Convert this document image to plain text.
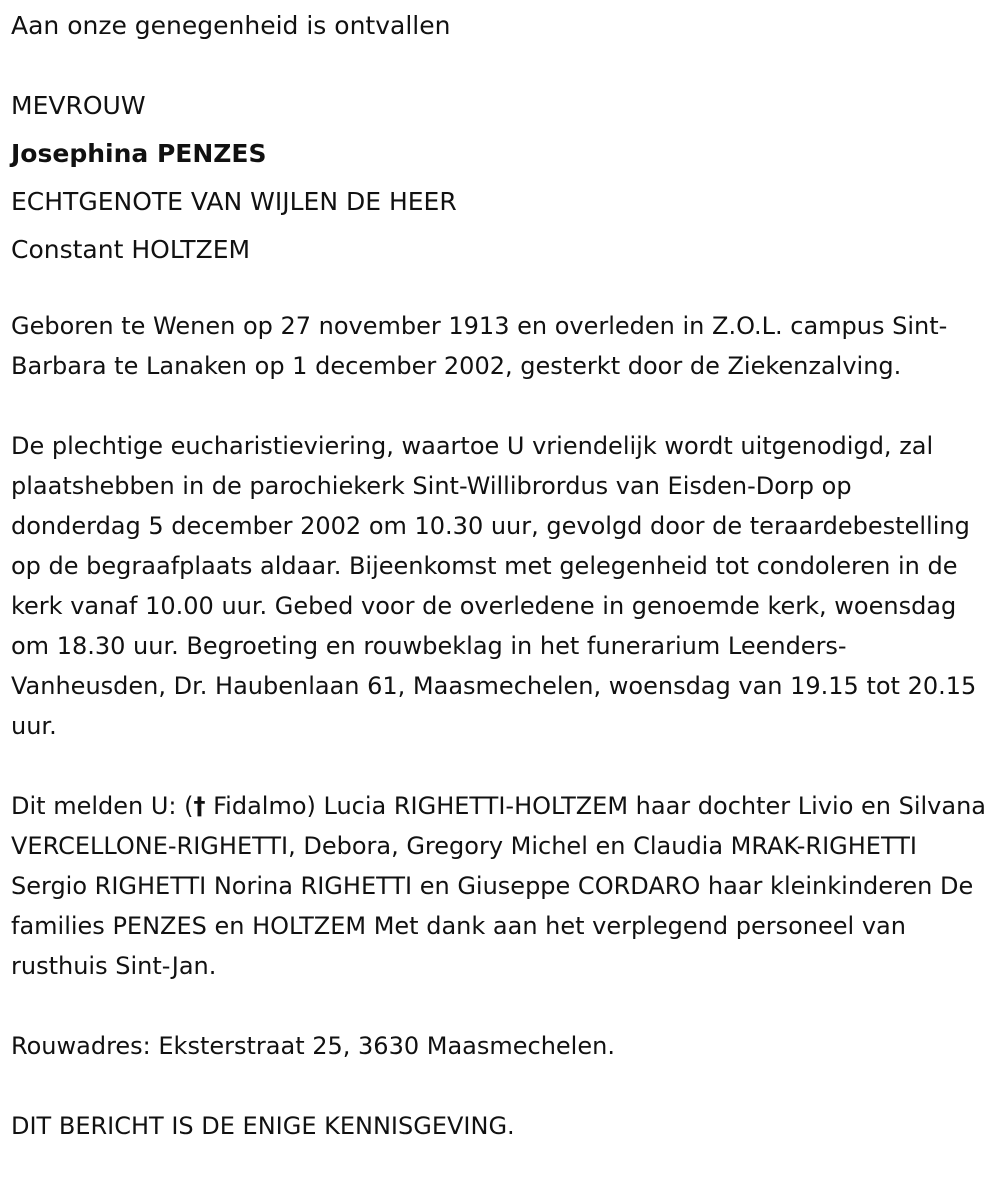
Aan onze genegenheid is ontvallen

MEVROUW

Josephina PENZES

ECHTGENOTE VAN WIJLEN DE HEER

Constant HOLTZEM

Geboren te Wenen op 27 november 1913 en overleden in Z.O.L. campus Sint-Barbara te Lanaken op 1 december 2002, gesterkt door de Ziekenzalving.

De plechtige eucharistieviering, waartoe U vriendelijk wordt uitgenodigd, zal plaatshebben in de parochiekerk Sint-Willibrordus van Eisden-Dorp op donderdag 5 december 2002 om 10.30 uur, gevolgd door de teraardebestelling op de begraafplaats aldaar. Bijeenkomst met gelegenheid tot condoleren in de kerk vanaf 10.00 uur. Gebed voor de overledene in genoemde kerk, woensdag om 18.30 uur. Begroeting en rouwbeklag in het funerarium Leenders-Vanheusden, Dr. Haubenlaan 61, Maasmechelen, woensdag van 19.15 tot 20.15 uur.

Dit melden U: († Fidalmo) Lucia RIGHETTI-HOLTZEM haar dochter Livio en Silvana VERCELLONE-RIGHETTI, Debora, Gregory Michel en Claudia MRAK-RIGHETTI Sergio RIGHETTI Norina RIGHETTI en Giuseppe CORDARO haar kleinkinderen De families PENZES en HOLTZEM Met dank aan het verplegend personeel van rusthuis Sint-Jan.

Rouwadres: Eksterstraat 25, 3630 Maasmechelen.

DIT BERICHT IS DE ENIGE KENNISGEVING.
